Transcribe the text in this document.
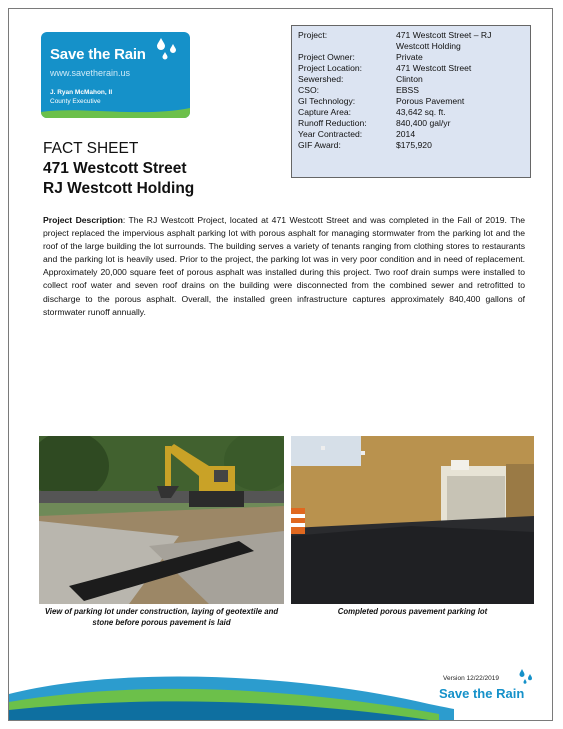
Save the Rain
www.savetherain.us
J. Ryan McMahon, II
County Executive
Project:	471 Westcott Street – RJ Westcott Holding
Project Owner:	Private
Project Location:	471 Westcott Street
Sewershed:	Clinton
CSO:	EBSS
GI Technology:	Porous Pavement
Capture Area:	43,642 sq. ft.
Runoff Reduction:	840,400 gal/yr
Year Contracted:	2014
GIF Award:	$175,920
FACT SHEET
471 Westcott Street
RJ Westcott Holding
Project Description: The RJ Westcott Project, located at 471 Westcott Street and was completed in the Fall of 2019. The project replaced the impervious asphalt parking lot with porous asphalt for managing stormwater from the parking lot and the roof of the large building the lot surrounds. The building serves a variety of tenants ranging from clothing stores to restaurants and the parking lot is heavily used. Prior to the project, the parking lot was in very poor condition and in need of replacement. Approximately 20,000 square feet of porous asphalt was installed during this project. Two roof drain sumps were installed to collect roof water and seven roof drains on the building were disconnected from the combined sewer and retrofitted to discharge to the porous asphalt. Overall, the installed green infrastructure captures approximately 840,400 gallons of stormwater runoff annually.
View of parking lot under construction, laying of geotextile and stone before porous pavement is laid
Completed porous pavement parking lot
Version 12/22/2019
Save the Rain
